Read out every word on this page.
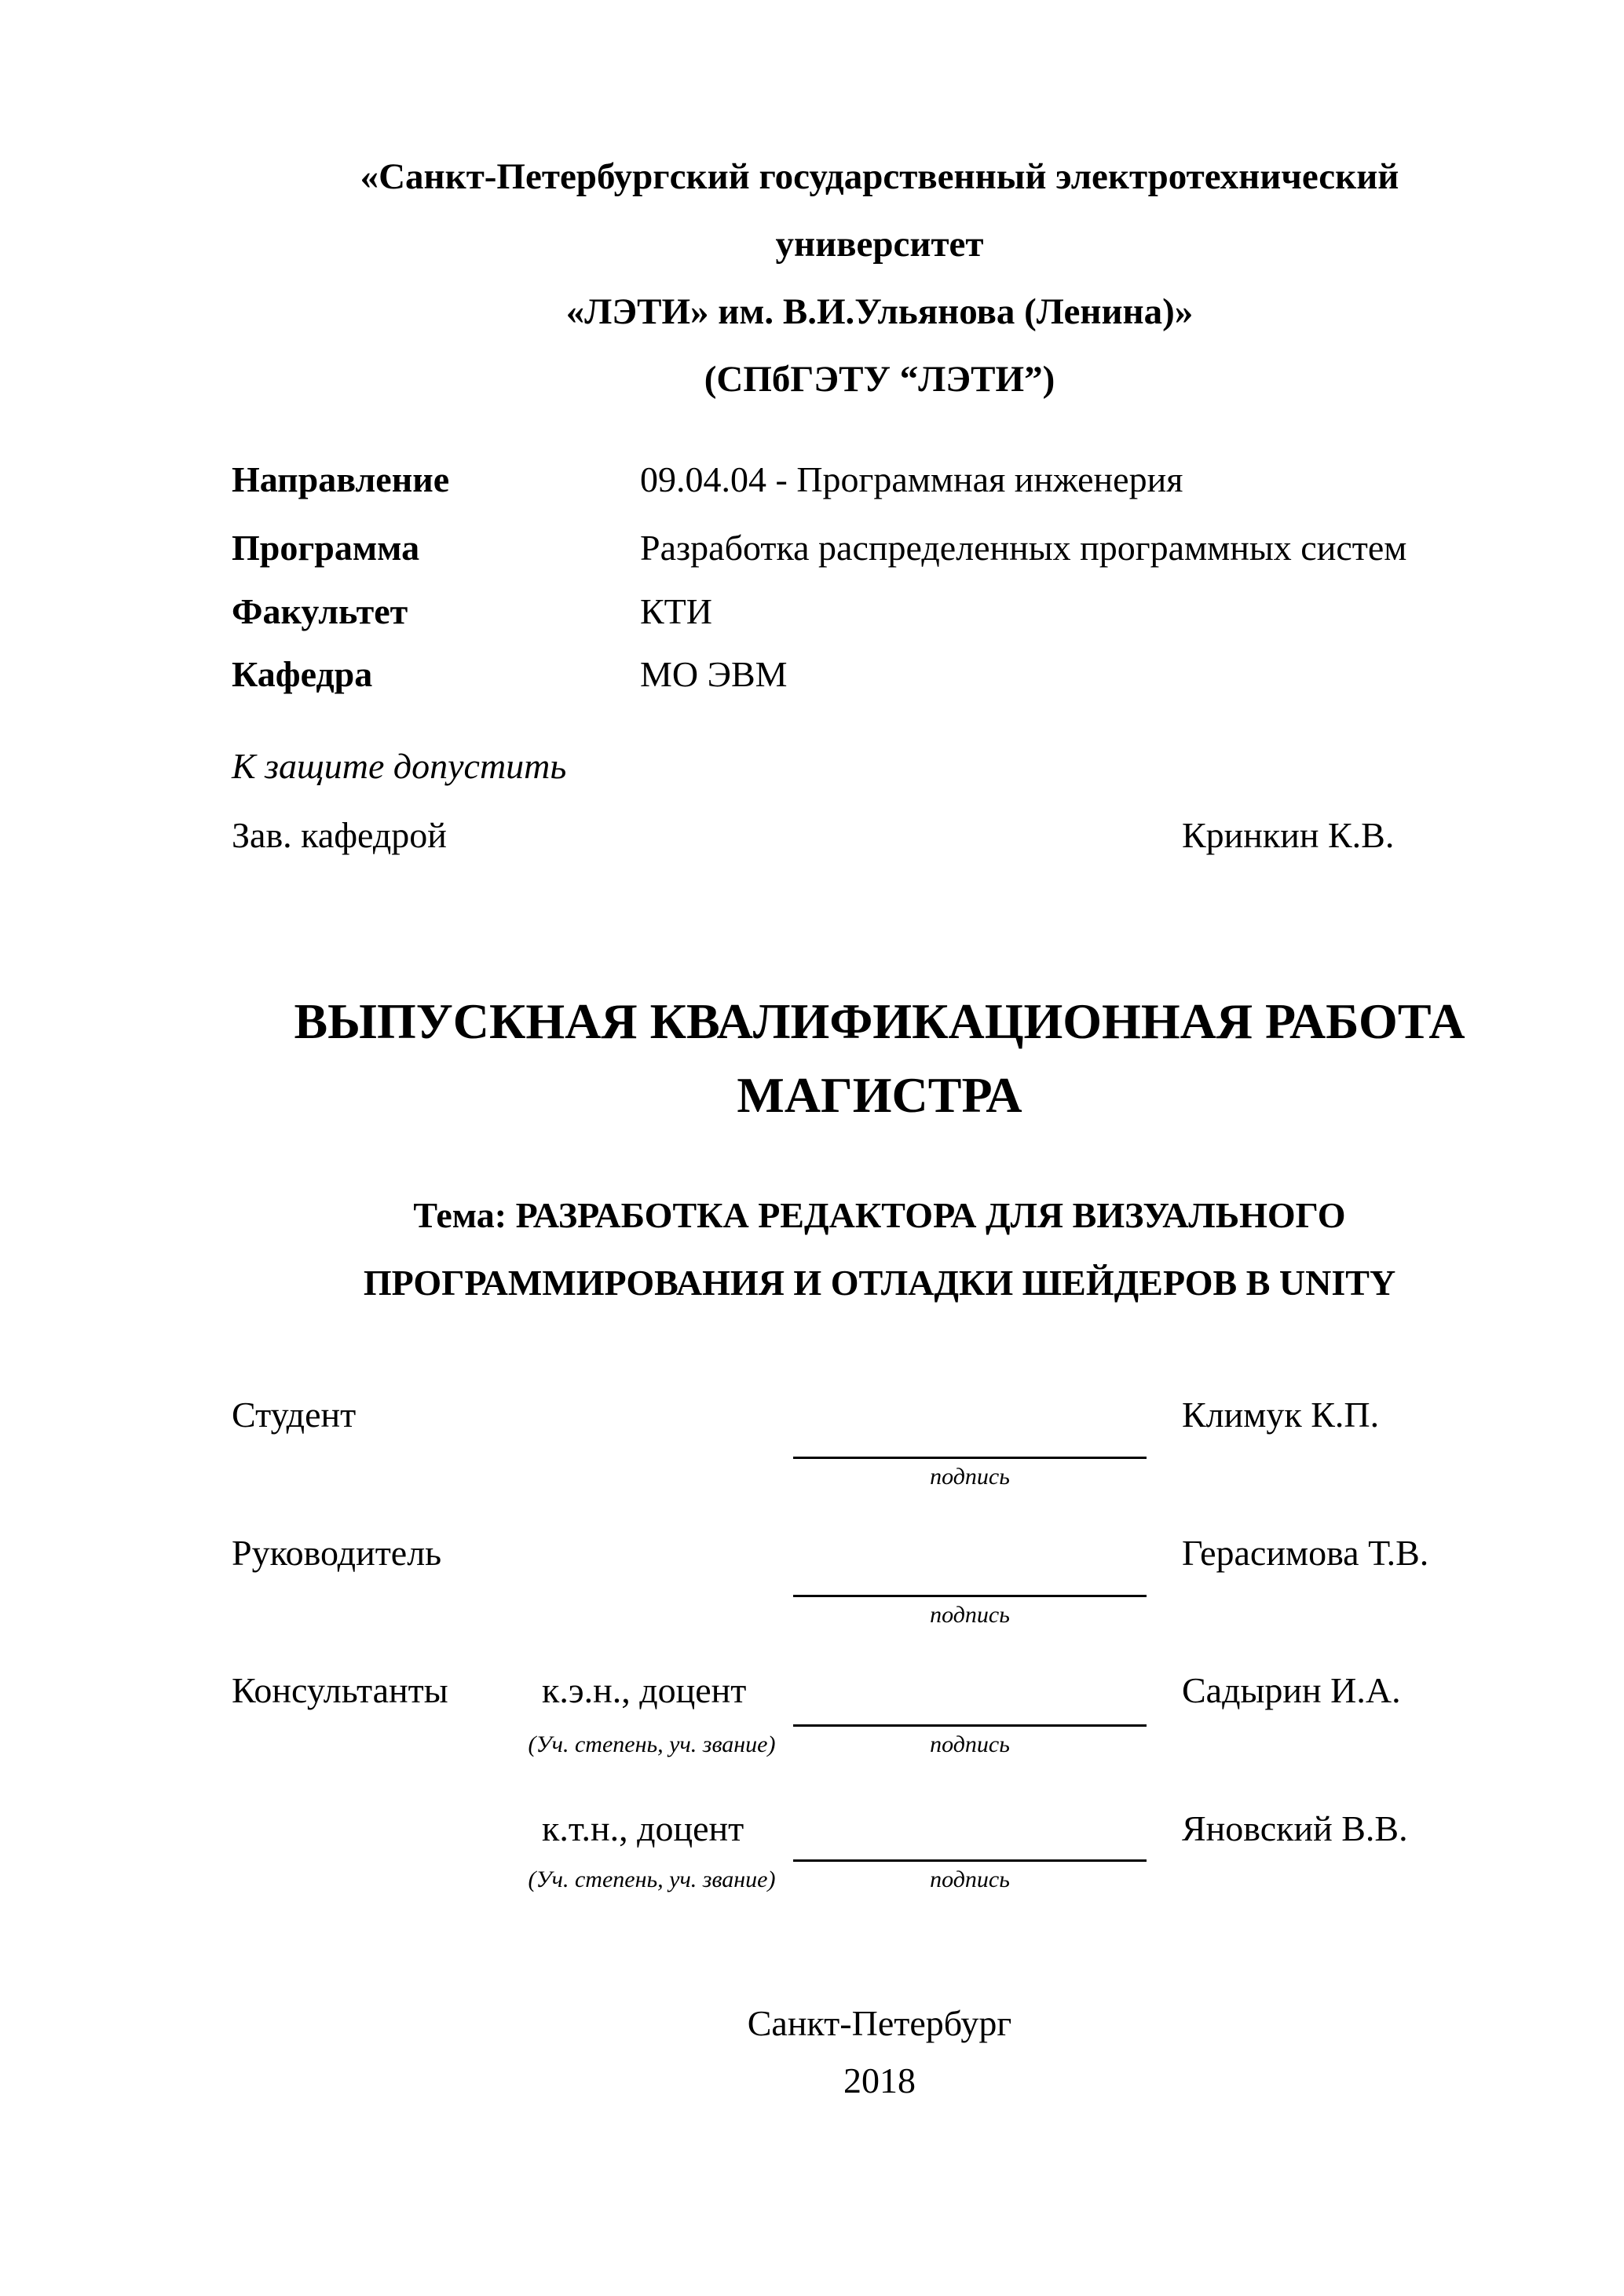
«Санкт-Петербургский государственный электротехнический
университет
«ЛЭТИ» им. В.И.Ульянова (Ленина)»
(СПбГЭТУ “ЛЭТИ”)
Направление	09.04.04 - Программная инженерия
Программа	Разработка распределенных программных систем
Факультет	КТИ
Кафедра	МО ЭВМ
К защите допустить
Зав. кафедрой	Кринкин К.В.
ВЫПУСКНАЯ КВАЛИФИКАЦИОННАЯ РАБОТА
МАГИСТРА
Тема: РАЗРАБОТКА РЕДАКТОРА ДЛЯ ВИЗУАЛЬНОГО
ПРОГРАММИРОВАНИЯ И ОТЛАДКИ ШЕЙДЕРОВ В UNITY
Студент	Климук К.П.
подпись
Руководитель	Герасимова Т.В.
подпись
Консультанты	к.э.н., доцент	Садырин И.А.
(Уч. степень, уч. звание)	подпись
к.т.н., доцент	Яновский В.В.
(Уч. степень, уч. звание)	подпись
Санкт-Петербург
2018
